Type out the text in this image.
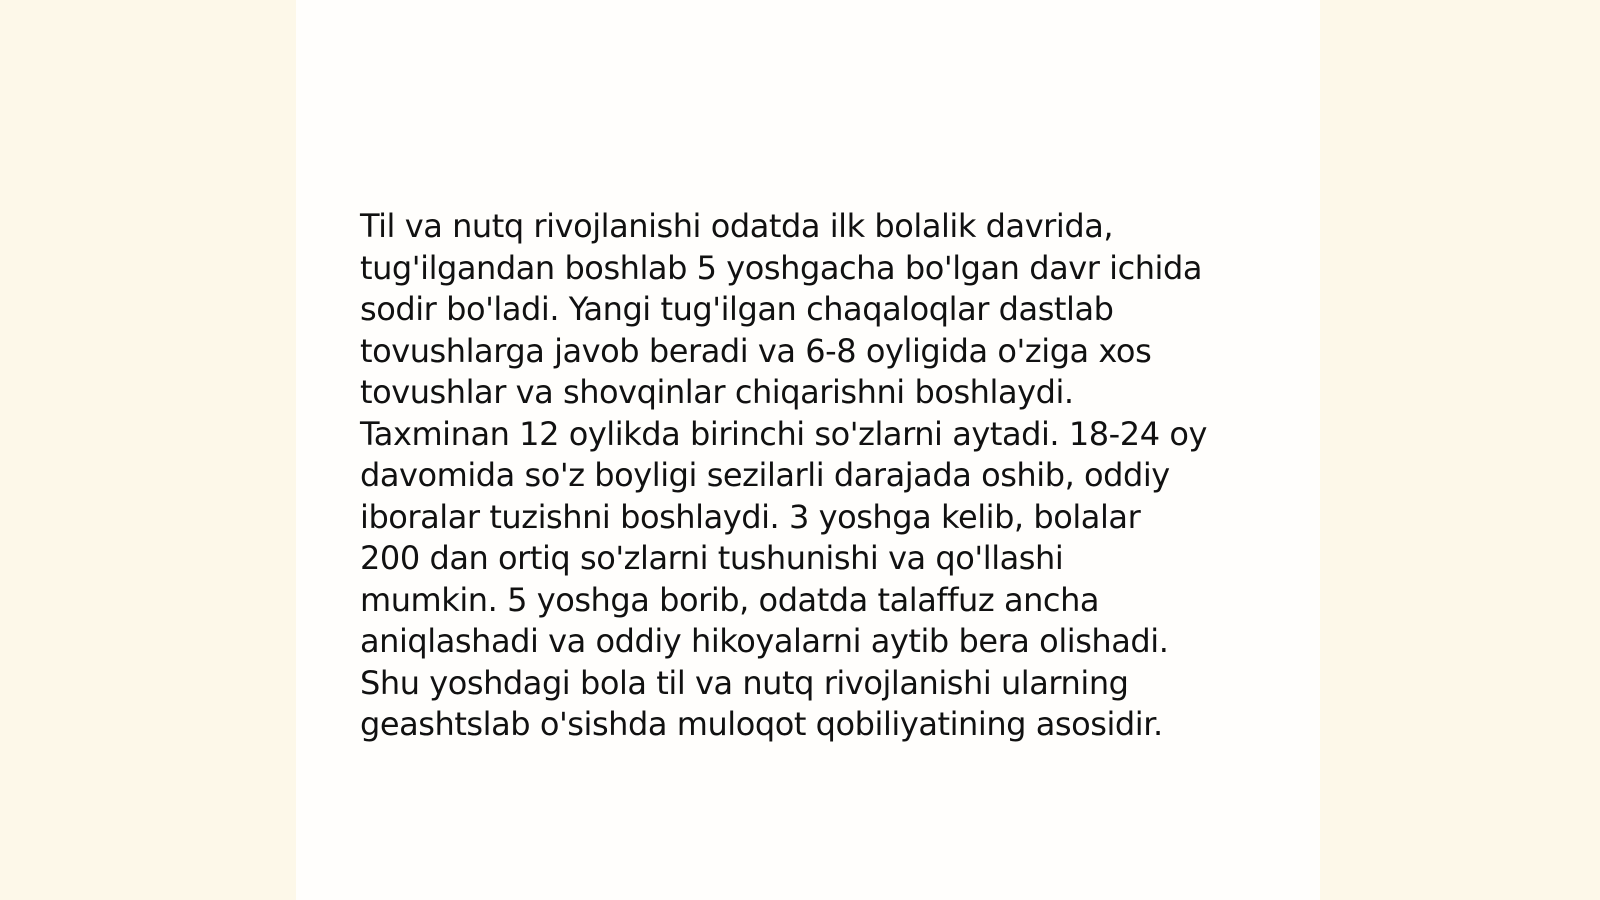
Til va nutq rivojlanishi odatda ilk bolalik davrida,
tug'ilgandan boshlab 5 yoshgacha bo'lgan davr ichida
sodir bo'ladi. Yangi tug'ilgan chaqaloqlar dastlab
tovushlarga javob beradi va 6-8 oyligida o'ziga xos
tovushlar va shovqinlar chiqarishni boshlaydi.
Taxminan 12 oylikda birinchi so'zlarni aytadi. 18-24 oy
davomida so'z boyligi sezilarli darajada oshib, oddiy
iboralar tuzishni boshlaydi. 3 yoshga kelib, bolalar
200 dan ortiq so'zlarni tushunishi va qo'llashi
mumkin. 5 yoshga borib, odatda talaffuz ancha
aniqlashadi va oddiy hikoyalarni aytib bera olishadi.
Shu yoshdagi bola til va nutq rivojlanishi ularning
geashtslab o'sishda muloqot qobiliyatining asosidir.
